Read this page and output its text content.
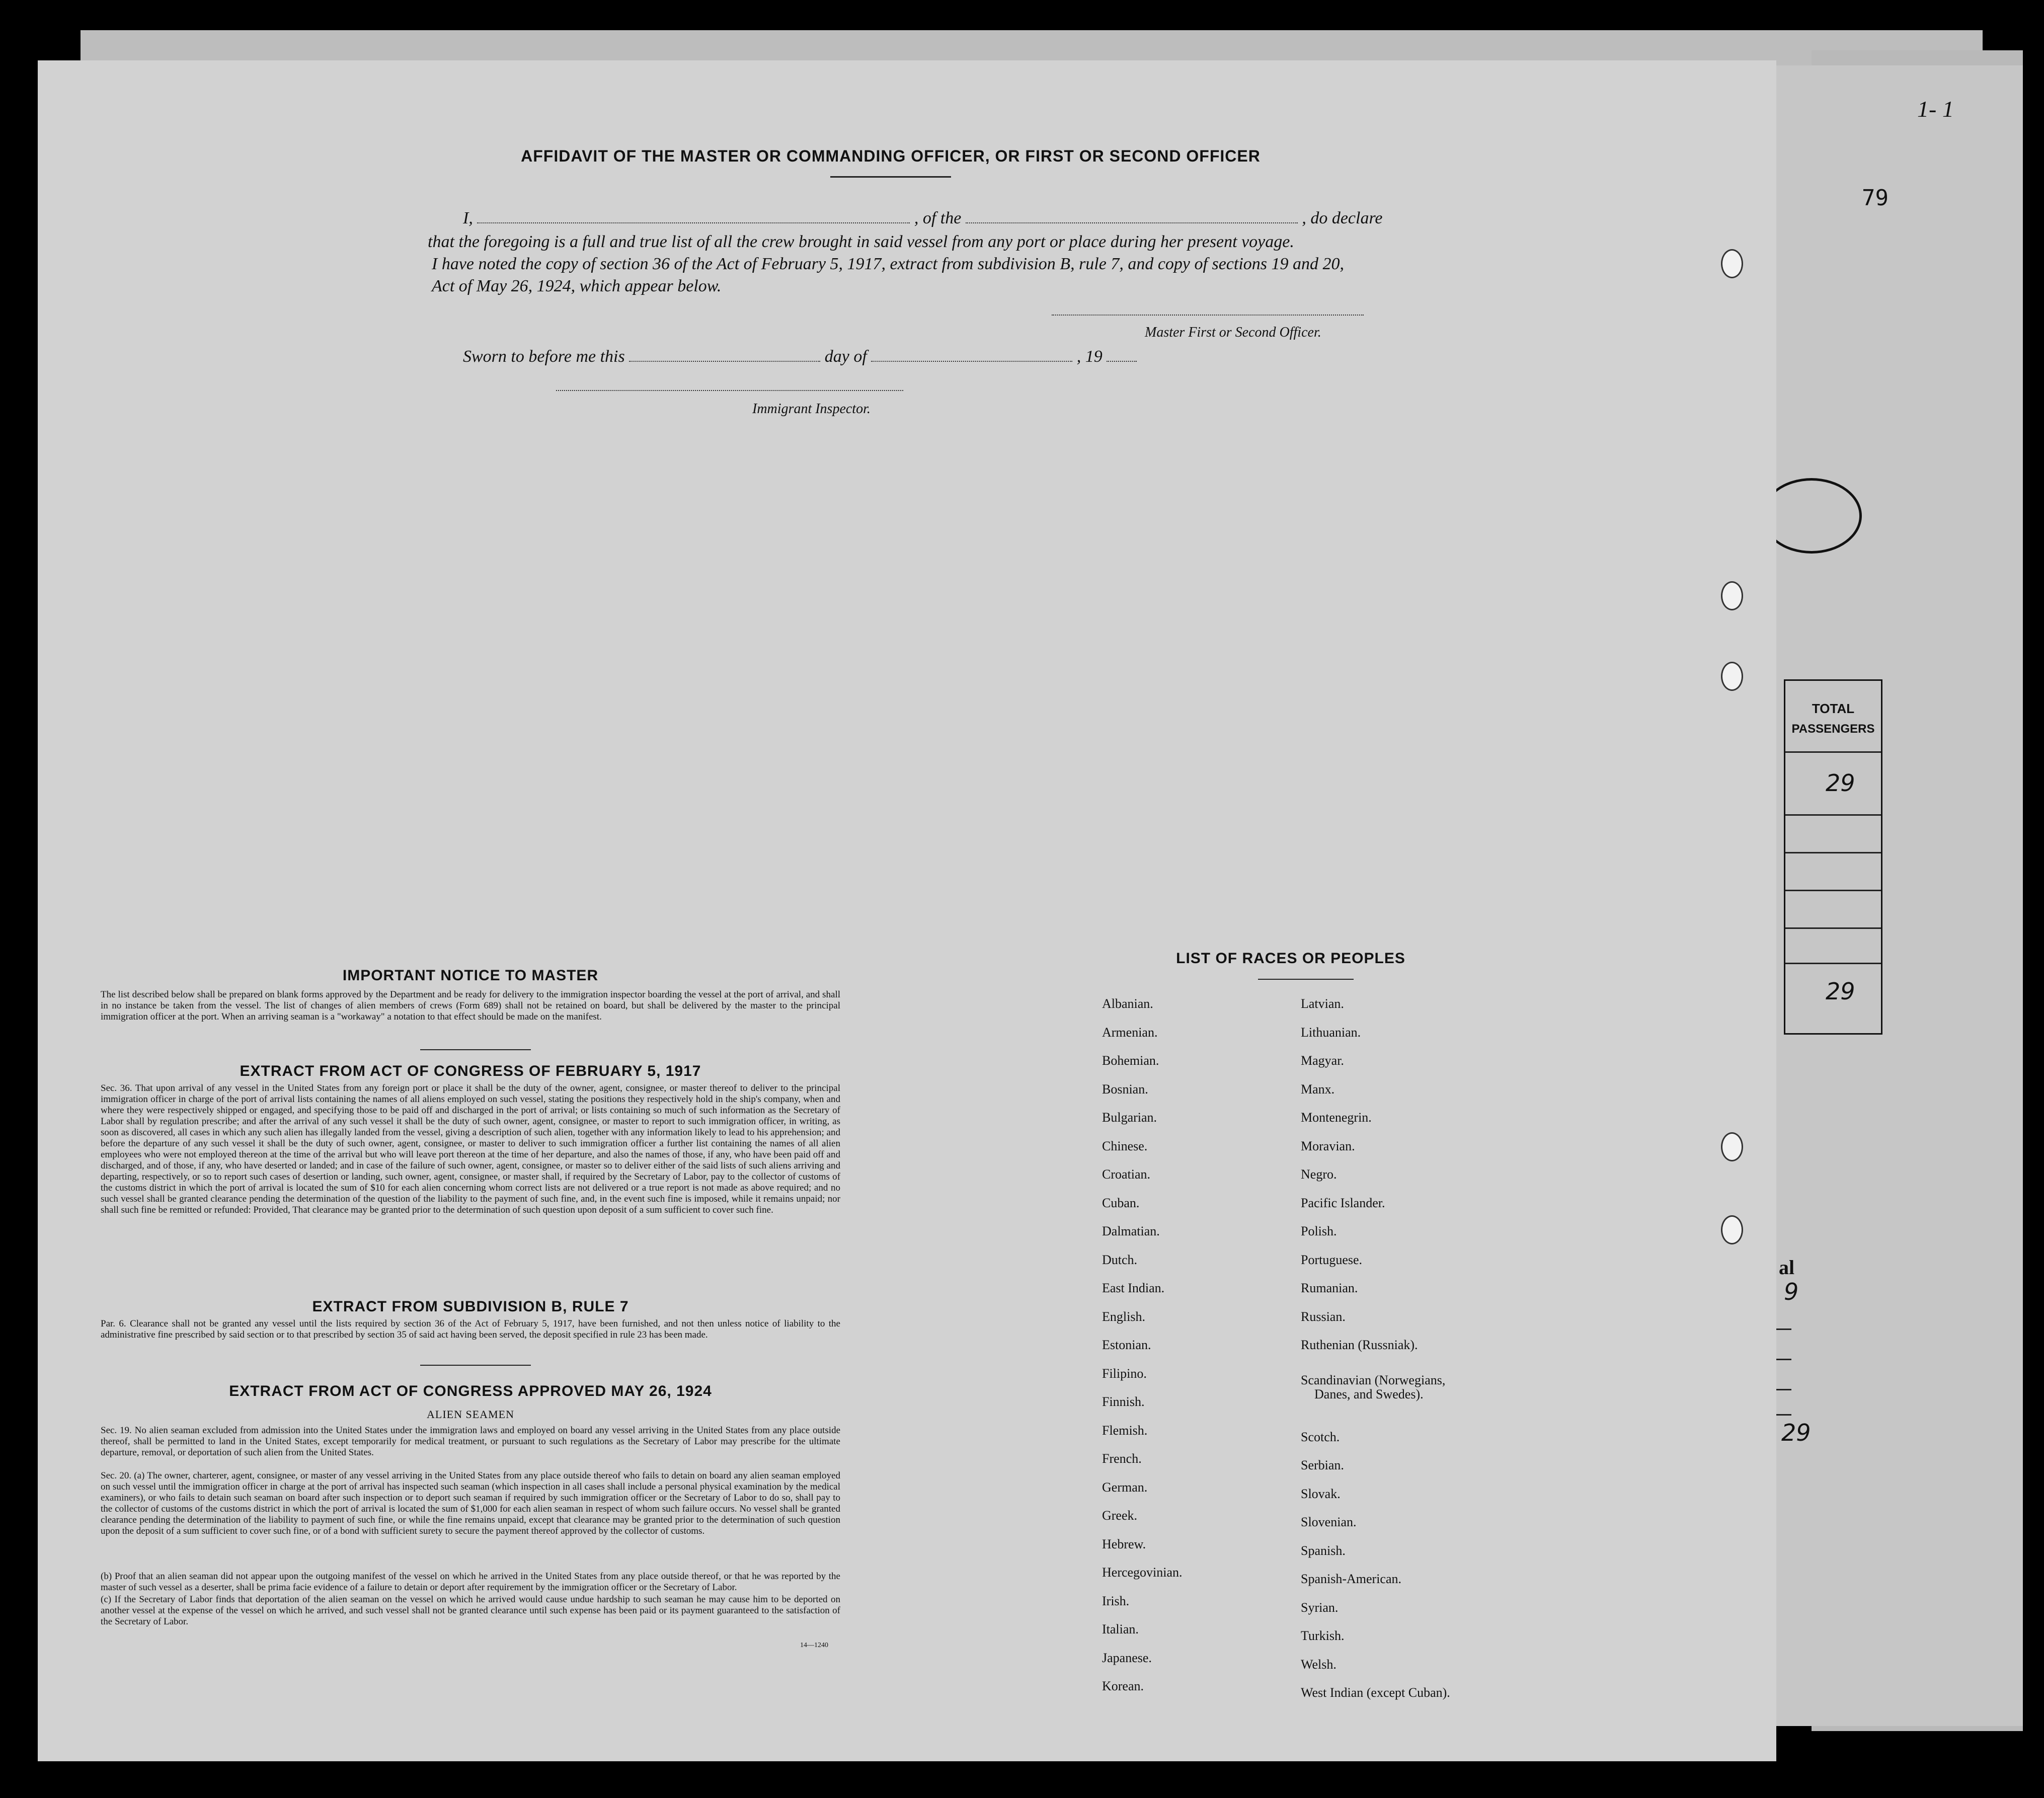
79
1- 1
TOTAL
PASSENGERS
29
29
al
9
29
AFFIDAVIT OF THE MASTER OR COMMANDING OFFICER, OR FIRST OR SECOND OFFICER
I,	, of the	, do declare
that the foregoing is a full and true list of all the crew brought in said vessel from any port or place during her present voyage.
I have noted the copy of section 36 of the Act of February 5, 1917, extract from subdivision B, rule 7, and copy of sections 19 and 20,
Act of May 26, 1924, which appear below.
Master First or Second Officer.
Sworn to before me this	day of	, 19
Immigrant Inspector.
IMPORTANT NOTICE TO MASTER
The list described below shall be prepared on blank forms approved by the Department and be ready for delivery to the immigration inspector boarding the vessel at the port of arrival, and shall in no instance be taken from the vessel. The list of changes of alien members of crews (Form 689) shall not be retained on board, but shall be delivered by the master to the principal immigration officer at the port. When an arriving seaman is a "workaway" a notation to that effect should be made on the manifest.
EXTRACT FROM ACT OF CONGRESS OF FEBRUARY 5, 1917
Sec. 36. That upon arrival of any vessel in the United States from any foreign port or place it shall be the duty of the owner, agent, consignee, or master thereof to deliver to the principal immigration officer in charge of the port of arrival lists containing the names of all aliens employed on such vessel, stating the positions they respectively hold in the ship's company, when and where they were respectively shipped or engaged, and specifying those to be paid off and discharged in the port of arrival; or lists containing so much of such information as the Secretary of Labor shall by regulation prescribe; and after the arrival of any such vessel it shall be the duty of such owner, agent, consignee, or master to report to such immigration officer, in writing, as soon as discovered, all cases in which any such alien has illegally landed from the vessel, giving a description of such alien, together with any information likely to lead to his apprehension; and before the departure of any such vessel it shall be the duty of such owner, agent, consignee, or master to deliver to such immigration officer a further list containing the names of all alien employees who were not employed thereon at the time of the arrival but who will leave port thereon at the time of her departure, and also the names of those, if any, who have been paid off and discharged, and of those, if any, who have deserted or landed; and in case of the failure of such owner, agent, consignee, or master so to deliver either of the said lists of such aliens arriving and departing, respectively, or so to report such cases of desertion or landing, such owner, agent, consignee, or master shall, if required by the Secretary of Labor, pay to the collector of customs of the customs district in which the port of arrival is located the sum of $10 for each alien concerning whom correct lists are not delivered or a true report is not made as above required; and no such vessel shall be granted clearance pending the determination of the question of the liability to the payment of such fine, and, in the event such fine is imposed, while it remains unpaid; nor shall such fine be remitted or refunded: Provided, That clearance may be granted prior to the determination of such question upon deposit of a sum sufficient to cover such fine.
EXTRACT FROM SUBDIVISION B, RULE 7
Par. 6. Clearance shall not be granted any vessel until the lists required by section 36 of the Act of February 5, 1917, have been furnished, and not then unless notice of liability to the administrative fine prescribed by said section or to that prescribed by section 35 of said act having been served, the deposit specified in rule 23 has been made.
EXTRACT FROM ACT OF CONGRESS APPROVED MAY 26, 1924
ALIEN SEAMEN
Sec. 19. No alien seaman excluded from admission into the United States under the immigration laws and employed on board any vessel arriving in the United States from any place outside thereof, shall be permitted to land in the United States, except temporarily for medical treatment, or pursuant to such regulations as the Secretary of Labor may prescribe for the ultimate departure, removal, or deportation of such alien from the United States.
Sec. 20. (a) The owner, charterer, agent, consignee, or master of any vessel arriving in the United States from any place outside thereof who fails to detain on board any alien seaman employed on such vessel until the immigration officer in charge at the port of arrival has inspected such seaman (which inspection in all cases shall include a personal physical examination by the medical examiners), or who fails to detain such seaman on board after such inspection or to deport such seaman if required by such immigration officer or the Secretary of Labor to do so, shall pay to the collector of customs of the customs district in which the port of arrival is located the sum of $1,000 for each alien seaman in respect of whom such failure occurs. No vessel shall be granted clearance pending the determination of the liability to payment of such fine, or while the fine remains unpaid, except that clearance may be granted prior to the determination of such question upon the deposit of a sum sufficient to cover such fine, or of a bond with sufficient surety to secure the payment thereof approved by the collector of customs.
(b) Proof that an alien seaman did not appear upon the outgoing manifest of the vessel on which he arrived in the United States from any place outside thereof, or that he was reported by the master of such vessel as a deserter, shall be prima facie evidence of a failure to detain or deport after requirement by the immigration officer or the Secretary of Labor.
(c) If the Secretary of Labor finds that deportation of the alien seaman on the vessel on which he arrived would cause undue hardship to such seaman he may cause him to be deported on another vessel at the expense of the vessel on which he arrived, and such vessel shall not be granted clearance until such expense has been paid or its payment guaranteed to the satisfaction of the Secretary of Labor.
14—1240
LIST OF RACES OR PEOPLES
Albanian.
Armenian.
Bohemian.
Bosnian.
Bulgarian.
Chinese.
Croatian.
Cuban.
Dalmatian.
Dutch.
East Indian.
English.
Estonian.
Filipino.
Finnish.
Flemish.
French.
German.
Greek.
Hebrew.
Hercegovinian.
Irish.
Italian.
Japanese.
Korean.
Latvian.
Lithuanian.
Magyar.
Manx.
Montenegrin.
Moravian.
Negro.
Pacific Islander.
Polish.
Portuguese.
Rumanian.
Russian.
Ruthenian (Russniak).
Scandinavian (Norwegians,
Scotch.
Serbian.
Slovak.
Slovenian.
Spanish.
Spanish-American.
Syrian.
Turkish.
Welsh.
West Indian (except Cuban).
Danes, and Swedes).
